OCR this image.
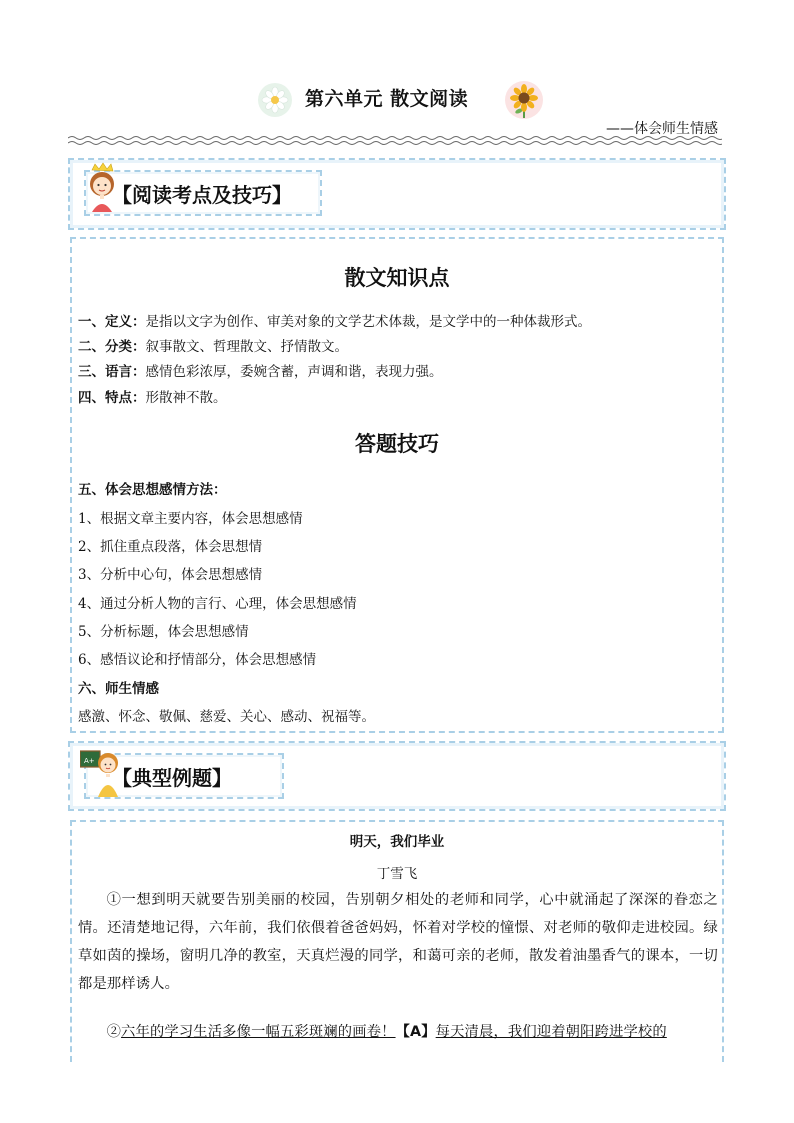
第六单元 散文阅读
——体会师生情感
【阅读考点及技巧】
散文知识点
一、定义：是指以文字为创作、审美对象的文学艺术体裁，是文学中的一种体裁形式。
二、分类：叙事散文、哲理散文、抒情散文。
三、语言：感情色彩浓厚，委婉含蓄，声调和谐，表现力强。
四、特点：形散神不散。
答题技巧
五、体会思想感情方法：
1、根据文章主要内容，体会思想感情
2、抓住重点段落，体会思想情
3、分析中心句，体会思想感情
4、通过分析人物的言行、心理，体会思想感情
5、分析标题，体会思想感情
6、感悟议论和抒情部分，体会思想感情
六、师生情感
感激、怀念、敬佩、慈爱、关心、感动、祝福等。
A+
【典型例题】
明天，我们毕业
丁雪飞
①一想到明天就要告别美丽的校园，告别朝夕相处的老师和同学，心中就涌起了深深的眷恋之情。还清楚地记得，六年前，我们依偎着爸爸妈妈，怀着对学校的憧憬、对老师的敬仰走进校园。绿草如茵的操场，窗明几净的教室，天真烂漫的同学，和蔼可亲的老师，散发着油墨香气的课本，一切都是那样诱人。
②六年的学习生活多像一幅五彩斑斓的画卷！【A】每天清晨，我们迎着朝阳跨进学校的
